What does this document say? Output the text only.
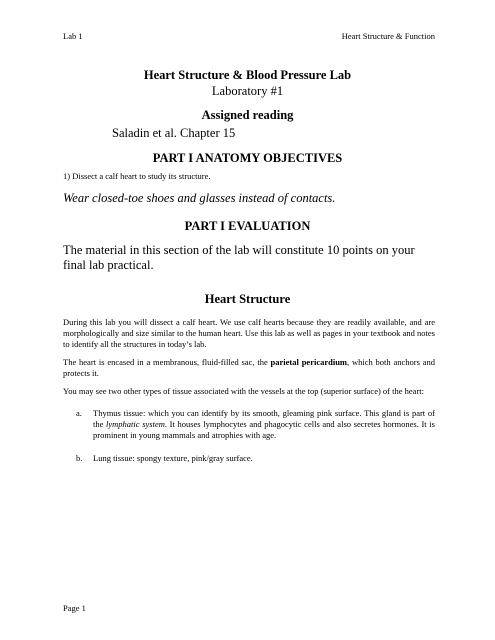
Lab 1	Heart Structure & Function
Heart Structure & Blood Pressure Lab
Laboratory #1
Assigned reading
Saladin et al. Chapter 15
PART I ANATOMY OBJECTIVES
1) Dissect a calf heart to study its structure.
Wear closed-toe shoes and glasses instead of contacts.
PART I EVALUATION
The material in this section of the lab will constitute 10 points on your final lab practical.
Heart Structure
During this lab you will dissect a calf heart. We use calf hearts because they are readily available, and are morphologically and size similar to the human heart. Use this lab as well as pages in your textbook and notes to identify all the structures in today’s lab.
The heart is encased in a membranous, fluid-filled sac, the parietal pericardium, which both anchors and protects it.
You may see two other types of tissue associated with the vessels at the top (superior surface) of the heart:
a. Thymus tissue: which you can identify by its smooth, gleaming pink surface. This gland is part of the lymphatic system. It houses lymphocytes and phagocytic cells and also secretes hormones. It is prominent in young mammals and atrophies with age.
b. Lung tissue: spongy texture, pink/gray surface.
Page 1
